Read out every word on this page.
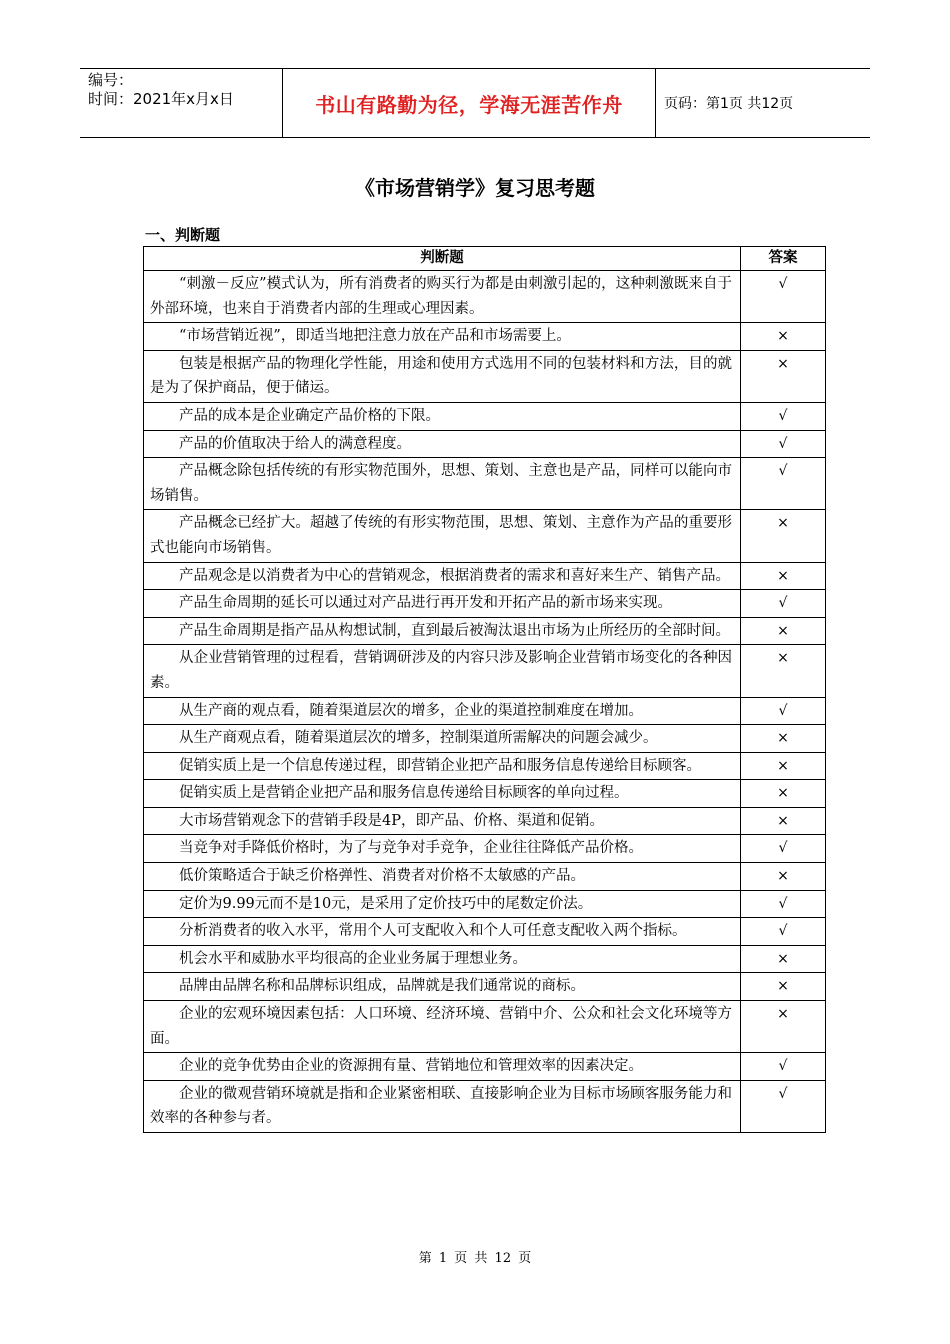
编号：
时间：2021年x月x日	书山有路勤为径，学海无涯苦作舟	页码：第1页 共12页
《市场营销学》复习思考题
一、判断题
判断题	答案
“刺激－反应”模式认为，所有消费者的购买行为都是由刺激引起的，这种刺激既来自于外部环境，也来自于消费者内部的生理或心理因素。	√
“市场营销近视”，即适当地把注意力放在产品和市场需要上。	×
包装是根据产品的物理化学性能，用途和使用方式选用不同的包装材料和方法，目的就是为了保护商品，便于储运。	×
产品的成本是企业确定产品价格的下限。	√
产品的价值取决于给人的满意程度。	√
产品概念除包括传统的有形实物范围外，思想、策划、主意也是产品，同样可以能向市场销售。	√
产品概念已经扩大。超越了传统的有形实物范围，思想、策划、主意作为产品的重要形式也能向市场销售。	×
产品观念是以消费者为中心的营销观念，根据消费者的需求和喜好来生产、销售产品。	×
产品生命周期的延长可以通过对产品进行再开发和开拓产品的新市场来实现。	√
产品生命周期是指产品从构想试制，直到最后被淘汰退出市场为止所经历的全部时间。	×
从企业营销管理的过程看，营销调研涉及的内容只涉及影响企业营销市场变化的各种因素。	×
从生产商的观点看，随着渠道层次的增多，企业的渠道控制难度在增加。	√
从生产商观点看，随着渠道层次的增多，控制渠道所需解决的问题会减少。	×
促销实质上是一个信息传递过程，即营销企业把产品和服务信息传递给目标顾客。	×
促销实质上是营销企业把产品和服务信息传递给目标顾客的单向过程。	×
大市场营销观念下的营销手段是4P，即产品、价格、渠道和促销。	×
当竞争对手降低价格时，为了与竞争对手竞争，企业往往降低产品价格。	√
低价策略适合于缺乏价格弹性、消费者对价格不太敏感的产品。	×
定价为9.99元而不是10元，是采用了定价技巧中的尾数定价法。	√
分析消费者的收入水平，常用个人可支配收入和个人可任意支配收入两个指标。	√
机会水平和威胁水平均很高的企业业务属于理想业务。	×
品牌由品牌名称和品牌标识组成，品牌就是我们通常说的商标。	×
企业的宏观环境因素包括：人口环境、经济环境、营销中介、公众和社会文化环境等方面。	×
企业的竞争优势由企业的资源拥有量、营销地位和管理效率的因素决定。	√
企业的微观营销环境就是指和企业紧密相联、直接影响企业为目标市场顾客服务能力和效率的各种参与者。	√
第 1 页 共 12 页
